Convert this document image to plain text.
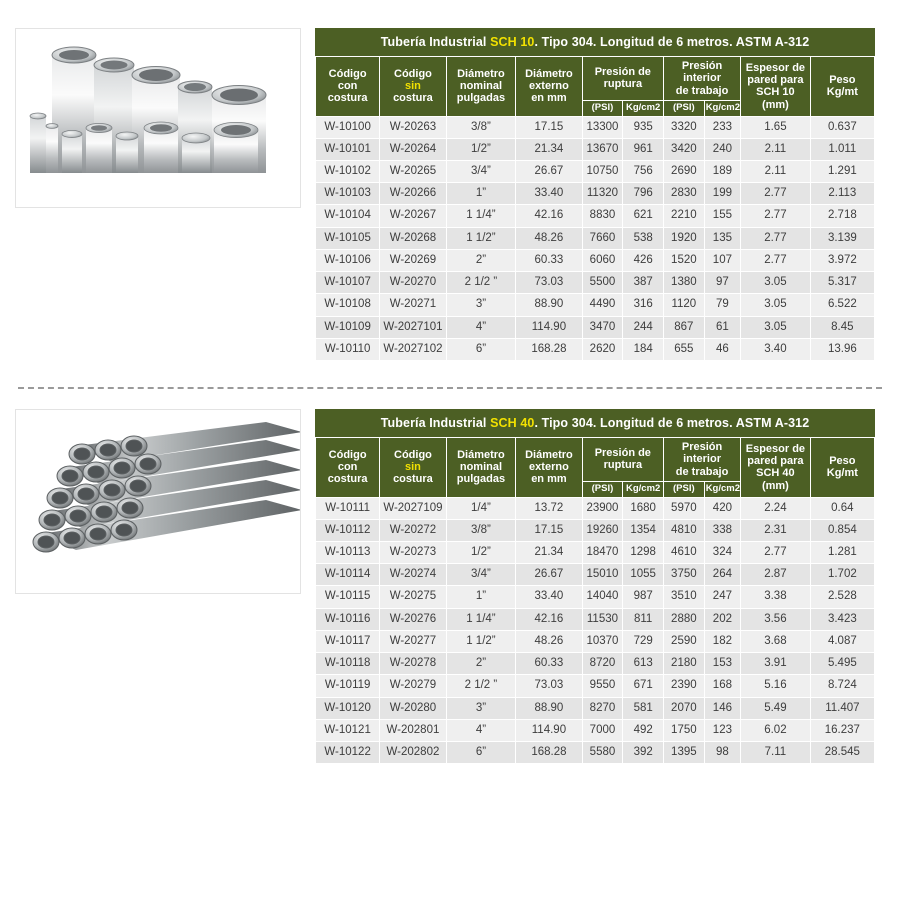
Tubería Industrial SCH 10. Tipo 304. Longitud de 6 metros. ASTM A-312
Código
con
costura	Código
sin
costura	Diámetro
nominal
pulgadas	Diámetro
externo
en mm	Presión de
ruptura		Presión
interior
de trabajo		Espesor de
pared para
SCH 10
(mm)	Peso
Kg/mt
				(PSI)	Kg/cm2	(PSI)	Kg/cm2		
W-10100	W-20263	3/8”	17.15	13300	935	3320	233	1.65	0.637
W-10101	W-20264	1/2”	21.34	13670	961	3420	240	2.11	1.011
W-10102	W-20265	3/4”	26.67	10750	756	2690	189	2.11	1.291
W-10103	W-20266	1”	33.40	11320	796	2830	199	2.77	2.113
W-10104	W-20267	1 1/4”	42.16	8830	621	2210	155	2.77	2.718
W-10105	W-20268	1 1/2”	48.26	7660	538	1920	135	2.77	3.139
W-10106	W-20269	2”	60.33	6060	426	1520	107	2.77	3.972
W-10107	W-20270	2 1/2 ”	73.03	5500	387	1380	97	3.05	5.317
W-10108	W-20271	3”	88.90	4490	316	1120	79	3.05	6.522
W-10109	W-2027101	4”	114.90	3470	244	867	61	3.05	8.45
W-10110	W-2027102	6”	168.28	2620	184	655	46	3.40	13.96
Tubería Industrial SCH 40. Tipo 304. Longitud de 6 metros. ASTM A-312
Código
con
costura	Código
sin
costura	Diámetro
nominal
pulgadas	Diámetro
externo
en mm	Presión de
ruptura		Presión
interior
de trabajo		Espesor de
pared para
SCH 40
(mm)	Peso
Kg/mt
				(PSI)	Kg/cm2	(PSI)	Kg/cm2		
W-10111	W-2027109	1/4”	13.72	23900	1680	5970	420	2.24	0.64
W-10112	W-20272	3/8”	17.15	19260	1354	4810	338	2.31	0.854
W-10113	W-20273	1/2”	21.34	18470	1298	4610	324	2.77	1.281
W-10114	W-20274	3/4”	26.67	15010	1055	3750	264	2.87	1.702
W-10115	W-20275	1”	33.40	14040	987	3510	247	3.38	2.528
W-10116	W-20276	1 1/4”	42.16	11530	811	2880	202	3.56	3.423
W-10117	W-20277	1 1/2”	48.26	10370	729	2590	182	3.68	4.087
W-10118	W-20278	2”	60.33	8720	613	2180	153	3.91	5.495
W-10119	W-20279	2 1/2 ”	73.03	9550	671	2390	168	5.16	8.724
W-10120	W-20280	3”	88.90	8270	581	2070	146	5.49	11.407
W-10121	W-202801	4”	114.90	7000	492	1750	123	6.02	16.237
W-10122	W-202802	6”	168.28	5580	392	1395	98	7.11	28.545
